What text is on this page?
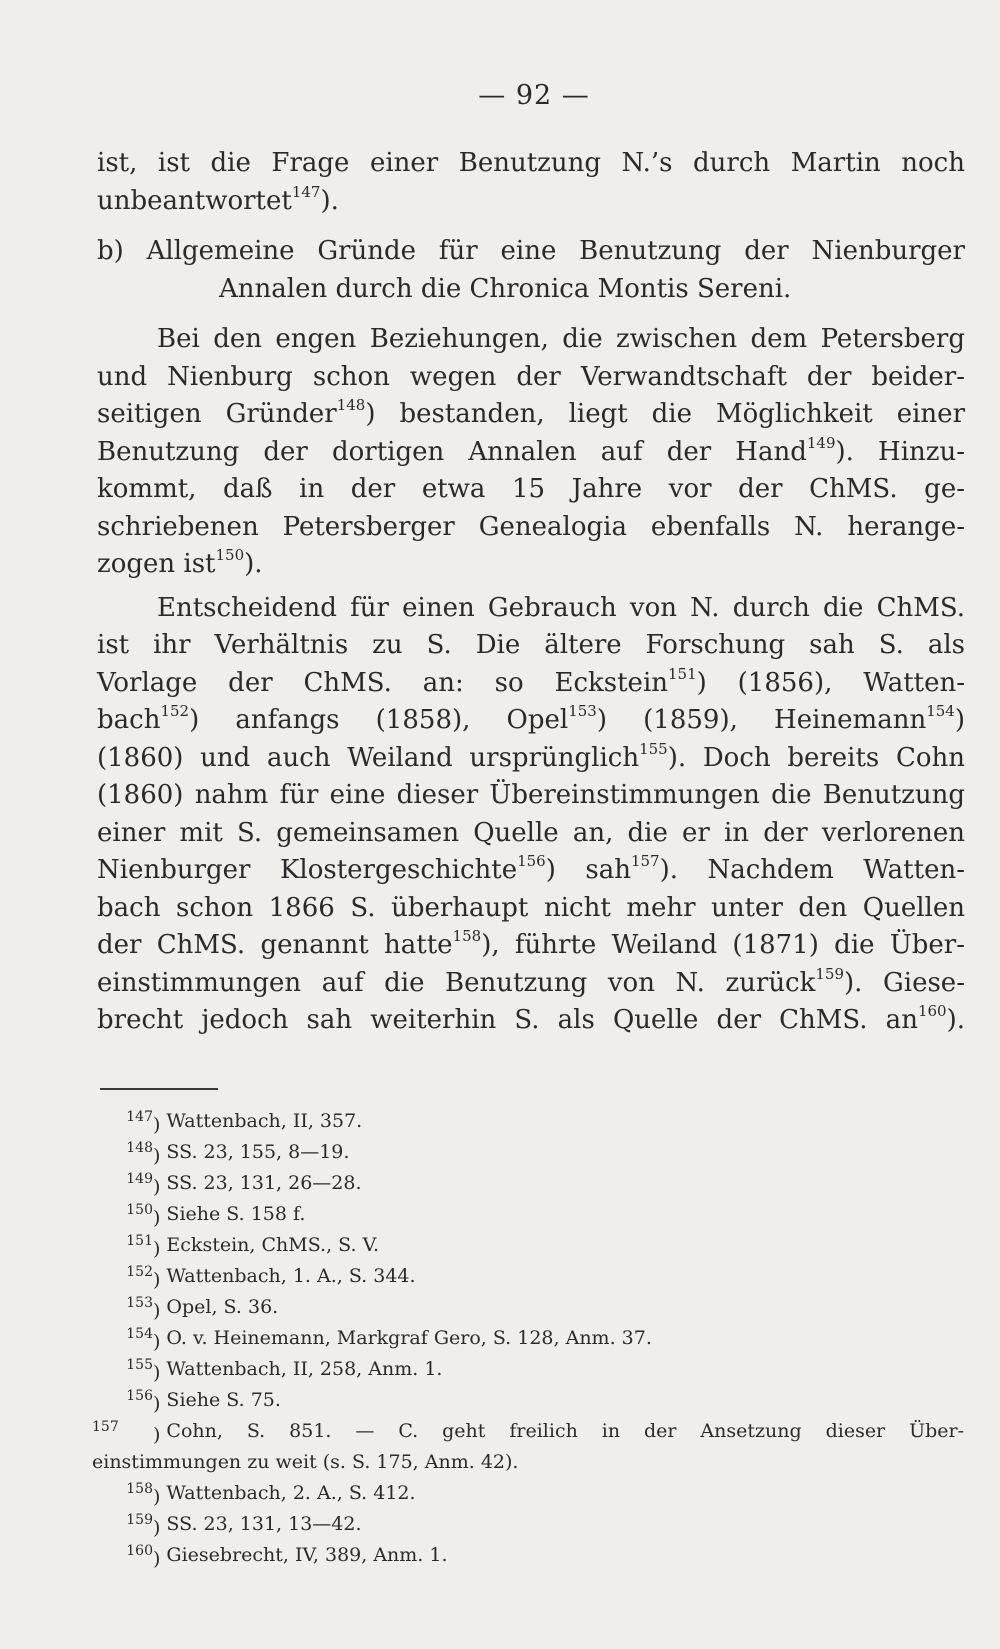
— 92 —
ist, ist die Frage einer Benutzung N.’s durch Martin noch
unbeantwortet$^{147}$).
b) Allgemeine Gründe für eine Benutzung der Nienburger
Annalen durch die Chronica Montis Sereni.
Bei den engen Beziehungen, die zwischen dem Petersberg
und Nienburg schon wegen der Verwandtschaft der beider-
seitigen Gründer$^{148}$) bestanden, liegt die Möglichkeit einer
Benutzung der dortigen Annalen auf der Hand$^{149}$). Hinzu-
kommt, daß in der etwa 15 Jahre vor der ChMS. ge-
schriebenen Petersberger Genealogia ebenfalls N. herange-
zogen ist$^{150}$).
Entscheidend für einen Gebrauch von N. durch die ChMS.
ist ihr Verhältnis zu S. Die ältere Forschung sah S. als
Vorlage der ChMS. an: so Eckstein$^{151}$) (1856), Watten-
bach$^{152}$) anfangs (1858), Opel$^{153}$) (1859), Heinemann$^{154}$)
(1860) und auch Weiland ursprünglich$^{155}$). Doch bereits Cohn
(1860) nahm für eine dieser Übereinstimmungen die Benutzung
einer mit S. gemeinsamen Quelle an, die er in der verlorenen
Nienburger Klostergeschichte$^{156}$) sah$^{157}$). Nachdem Watten-
bach schon 1866 S. überhaupt nicht mehr unter den Quellen
der ChMS. genannt hatte$^{158}$), führte Weiland (1871) die Über-
einstimmungen auf die Benutzung von N. zurück$^{159}$). Giese-
brecht jedoch sah weiterhin S. als Quelle der ChMS. $an^{160}$).
147) Wattenbach, II, 357.
148) SS. 23, 155, 8—19.
149) SS. 23, 131, 26—28.
150) Siehe S. 158 f.
151) Eckstein, ChMS., S. V.
152) Wattenbach, 1. A., S. 344.
153) Opel, S. 36.
154) O. v. Heinemann, Markgraf Gero, S. 128, Anm. 37.
155) Wattenbach, II, 258, Anm. 1.
156) Siehe S. 75.
157 ) Cohn, S. 851. — C. geht freilich in der Ansetzung dieser Über-
einstimmungen zu weit (s. S. 175, Anm. 42).
158) Wattenbach, 2. A., S. 412.
159) SS. 23, 131, 13—42.
160) Giesebrecht, IV, 389, Anm. 1.
